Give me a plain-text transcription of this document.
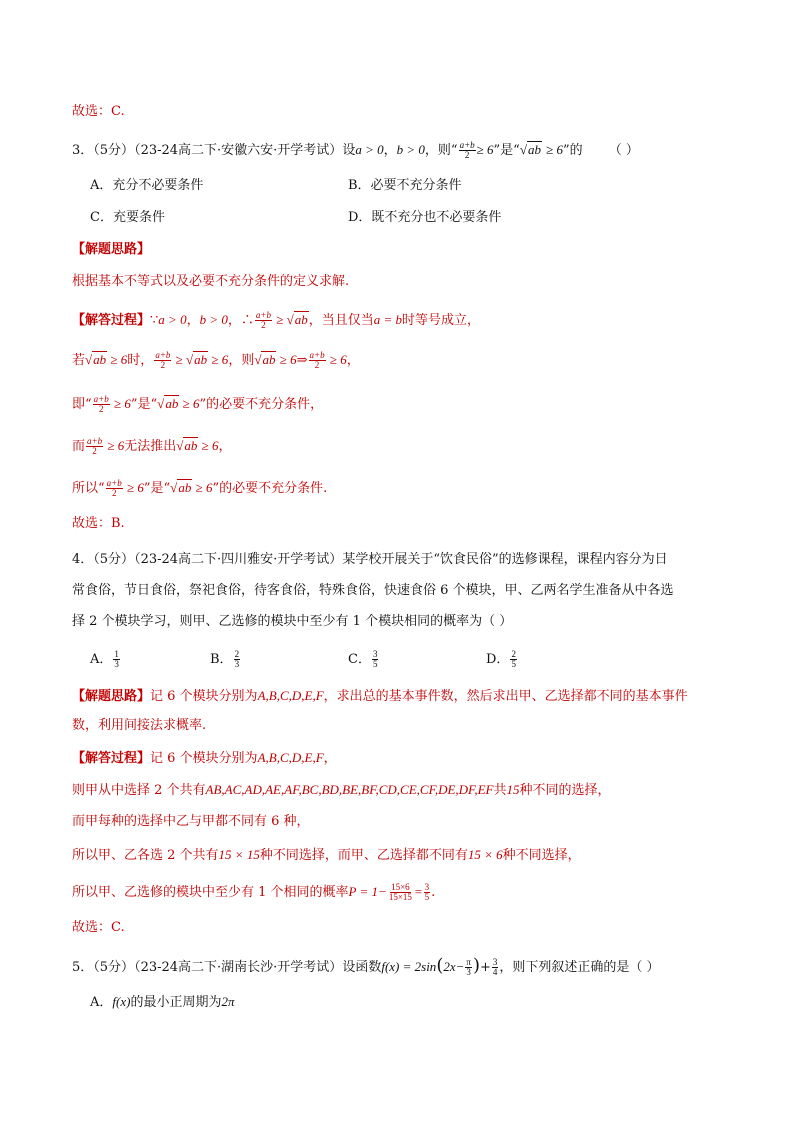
故选：C.
3．（5分）（23-24高二下·安徽六安·开学考试）设a > 0，b > 0，则“ $\frac{a+b}{2} \ge 6$”是“√ab ≥ 6”的 （ ）
A．充分不必要条件	B．必要不充分条件
C．充要条件	D．既不充分也不必要条件
【解题思路】
根据基本不等式以及必要不充分条件的定义求解.
【解答过程】∵a > 0，b > 0，∴ $\frac{a+b}{2} \ge √ab$，当且仅当a = b时等号成立，
若√ab ≥ 6时， $\frac{a+b}{2} \ge √ab \ge 6$，则√ab ≥ 6⇒ $\frac{a+b}{2} \ge 6$，
即“ $\frac{a+b}{2} \ge 6$”是“√ab ≥ 6”的必要不充分条件，
而 $\frac{a+b}{2} \ge 6$无法推出√ab ≥ 6，
所以“ $\frac{a+b}{2} \ge 6$”是“√ab ≥ 6”的必要不充分条件.
故选：B.
4．（5分）（23-24高二下·四川雅安·开学考试）某学校开展关于“饮食民俗”的选修课程，课程内容分为日
常食俗，节日食俗，祭祀食俗，待客食俗，特殊食俗，快速食俗 6 个模块，甲、乙两名学生准备从中各选
择 2 个模块学习，则甲、乙选修的模块中至少有 1 个模块相同的概率为（ ）
A． $\frac{1}{3}$	B． $\frac{2}{3}$	C． $\frac{3}{5}$	D． $\frac{2}{5}$
【解题思路】记 6 个模块分别为A,B,C,D,E,F，求出总的基本事件数，然后求出甲、乙选择都不同的基本事件
数，利用间接法求概率.
【解答过程】记 6 个模块分别为A,B,C,D,E,F，
则甲从中选择 2 个共有AB,AC,AD,AE,AF,BC,BD,BE,BF,CD,CE,CF,DE,DF,EF共15种不同的选择，
而甲每种的选择中乙与甲都不同有 6 种，
所以甲、乙各选 2 个共有15 × 15种不同选择，而甲、乙选择都不同有15 × 6种不同选择，
所以甲、乙选修的模块中至少有 1 个相同的概率$P = 1- \frac{15\times 6}{15\times 15} = \frac{3}{5}$ .
故选：C.
5．（5分）（23-24高二下·湖南长沙·开学考试）设函数$f(x) = 2\sin(2x- \frac{\pi}{3}$ )+ $\frac{3}{4}$ ，则下列叙述正确的是（ ）
A．f(x)的最小正周期为2π
